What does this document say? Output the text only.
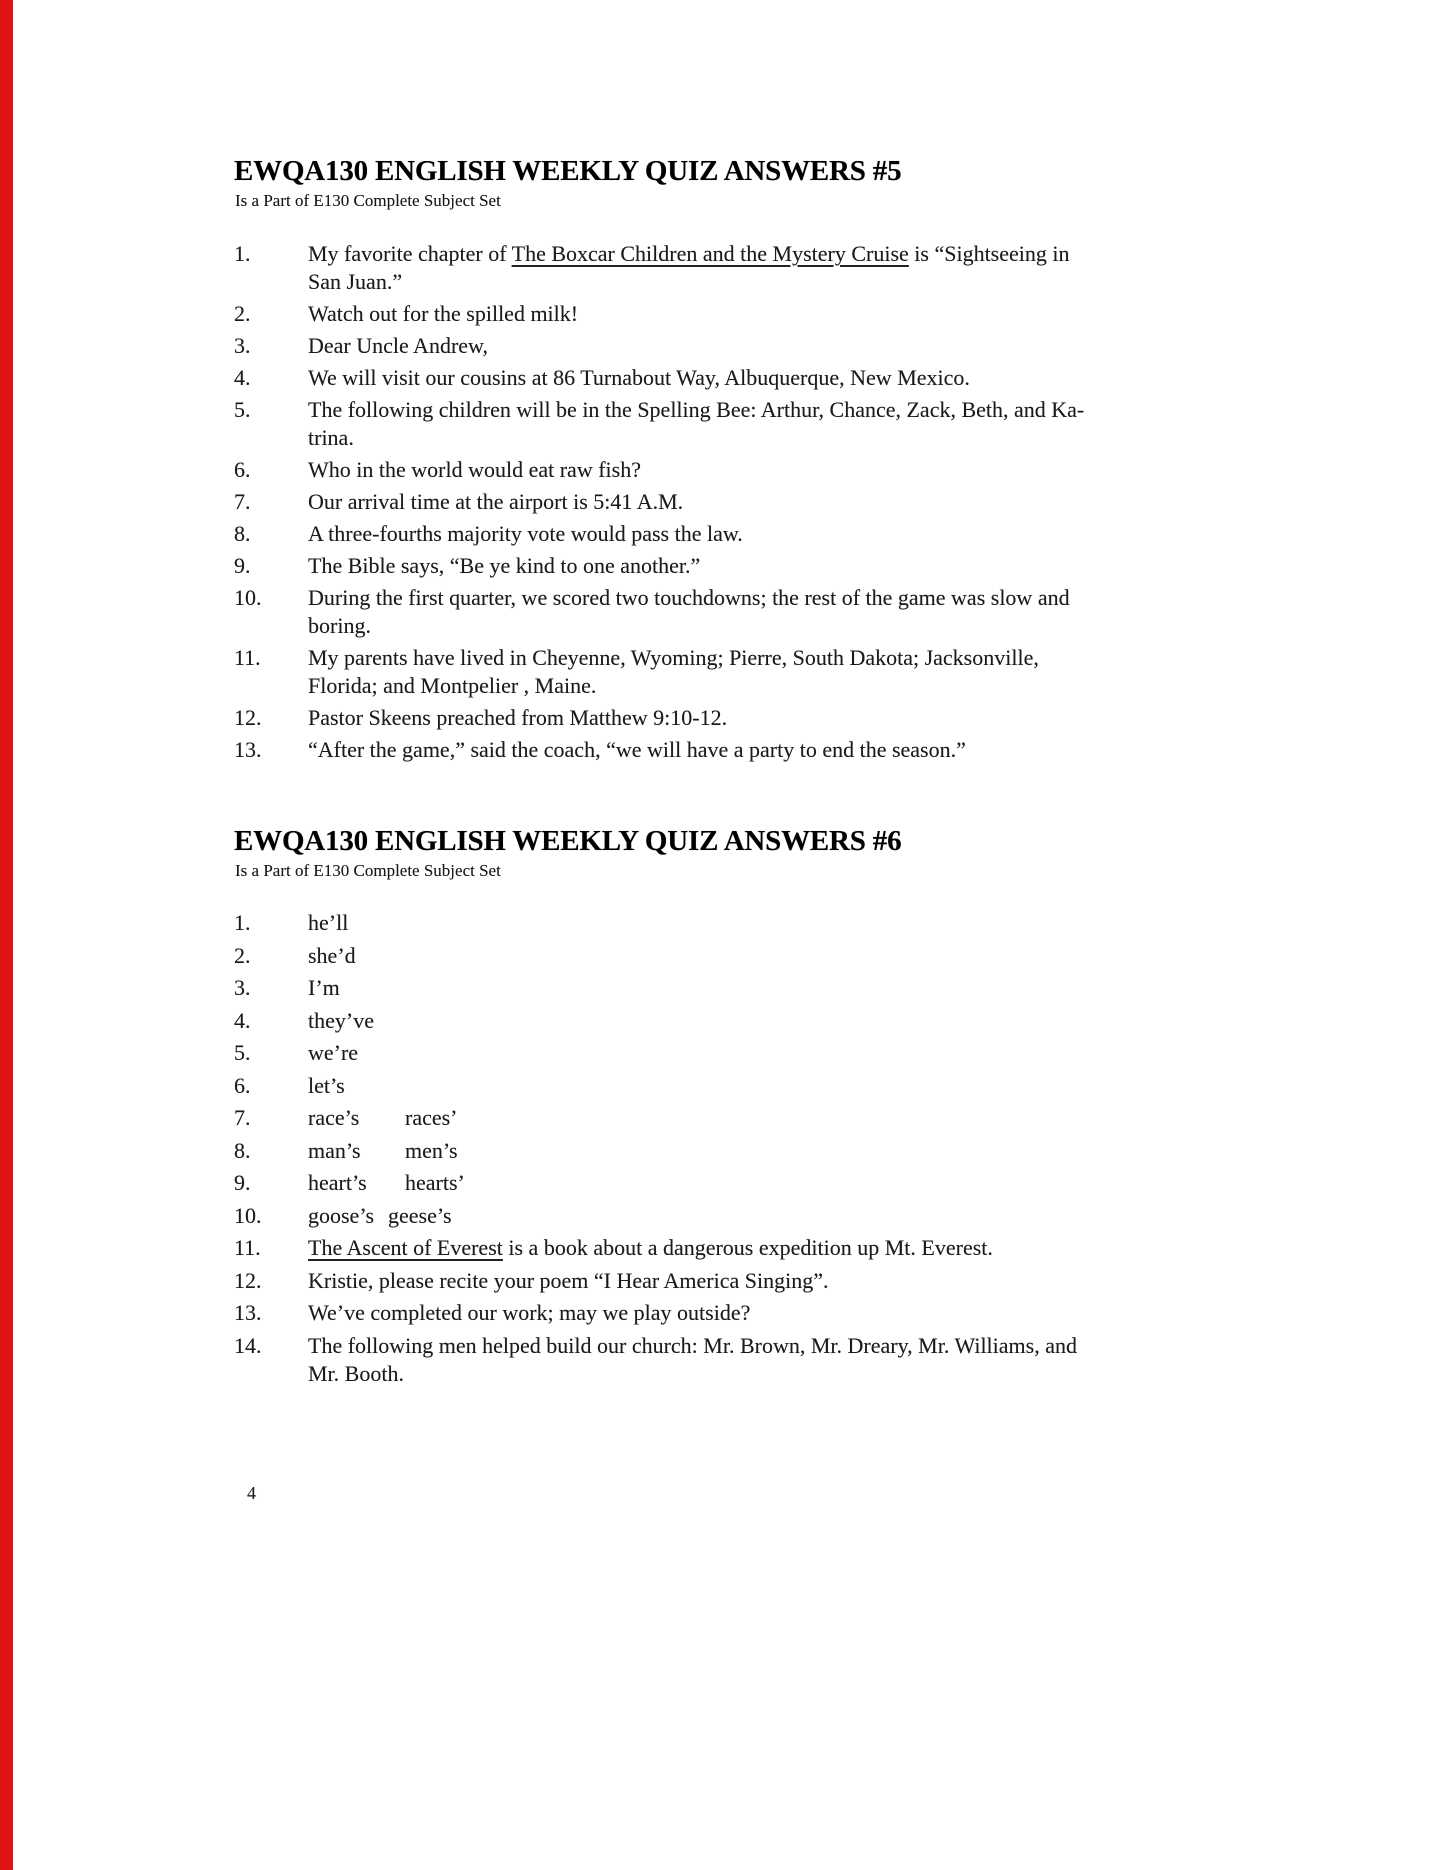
EWQA130 ENGLISH WEEKLY QUIZ ANSWERS #5
Is a Part of E130 Complete Subject Set
1.	My favorite chapter of The Boxcar Children and the Mystery Cruise is “Sightseeing in
San Juan.”
2.	Watch out for the spilled milk!
3.	Dear Uncle Andrew,
4.	We will visit our cousins at 86 Turnabout Way, Albuquerque, New Mexico.
5.	The following children will be in the Spelling Bee: Arthur, Chance, Zack, Beth, and Ka-
trina.
6.	Who in the world would eat raw fish?
7.	Our arrival time at the airport is 5:41 A.M.
8.	A three-fourths majority vote would pass the law.
9.	The Bible says, “Be ye kind to one another.”
10.	During the first quarter, we scored two touchdowns; the rest of the game was slow and
boring.
11.	My parents have lived in Cheyenne, Wyoming; Pierre, South Dakota; Jacksonville,
Florida; and Montpelier , Maine.
12.	Pastor Skeens preached from Matthew 9:10-12.
13.	“After the game,” said the coach, “we will have a party to end the season.”
EWQA130 ENGLISH WEEKLY QUIZ ANSWERS #6
Is a Part of E130 Complete Subject Set
1.	he’ll
2.	she’d
3.	I’m
4.	they’ve
5.	we’re
6.	let’s
7.	race’s races’
8.	man’s men’s
9.	heart’s hearts’
10.	goose’s geese’s
11.	The Ascent of Everest is a book about a dangerous expedition up Mt. Everest.
12.	Kristie, please recite your poem “I Hear America Singing”.
13.	We’ve completed our work; may we play outside?
14.	The following men helped build our church: Mr. Brown, Mr. Dreary, Mr. Williams, and
Mr. Booth.
4
